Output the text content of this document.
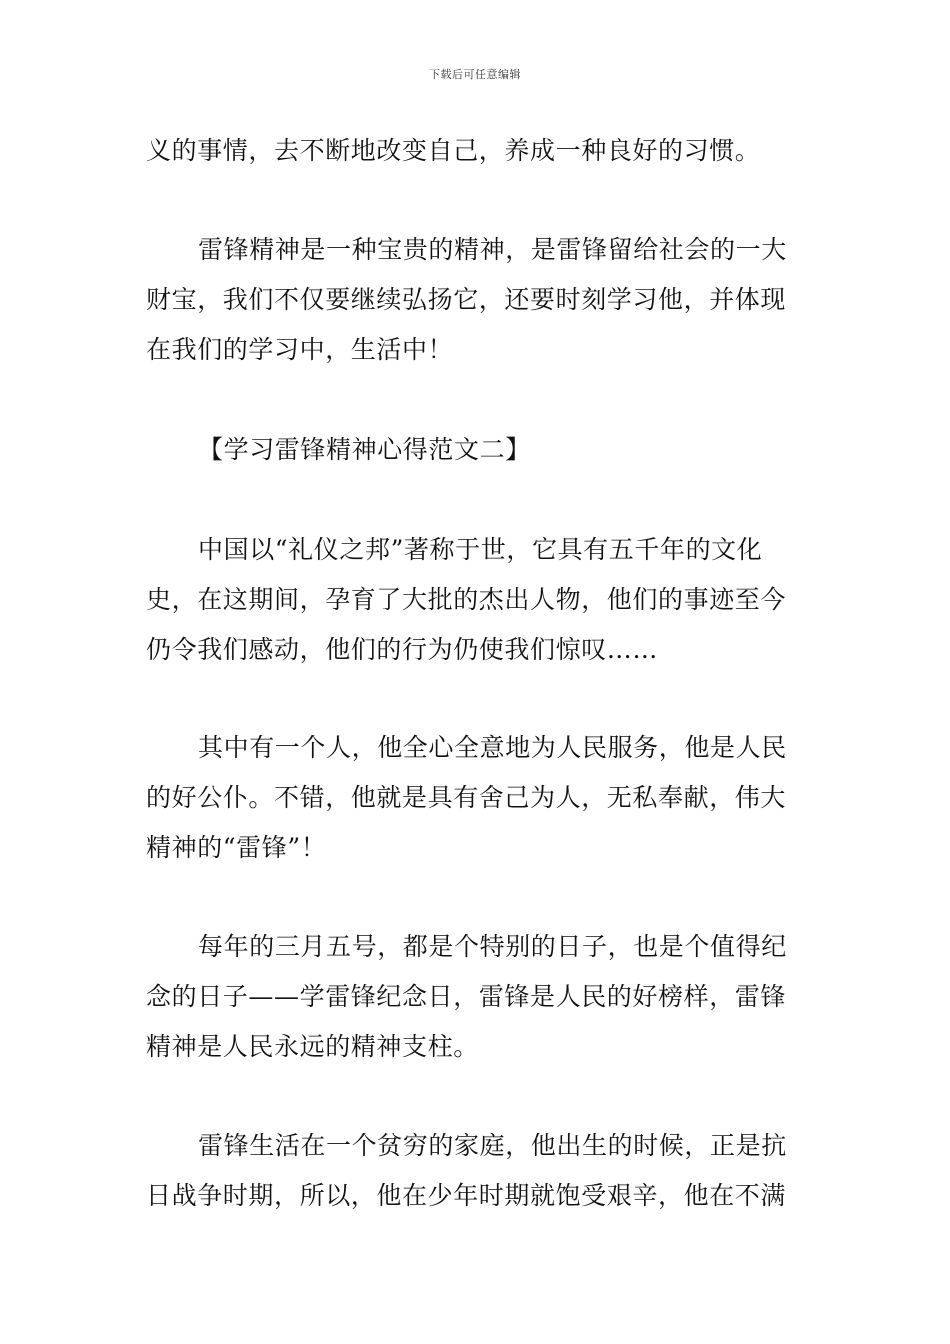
下载后可任意编辑
义的事情，去不断地改变自己，养成一种良好的习惯。
雷锋精神是一种宝贵的精神，是雷锋留给社会的一大
财宝，我们不仅要继续弘扬它，还要时刻学习他，并体现
在我们的学习中，生活中！
【学习雷锋精神心得范文二】
中国以“礼仪之邦”著称于世，它具有五千年的文化
史，在这期间，孕育了大批的杰出人物，他们的事迹至今
仍令我们感动，他们的行为仍使我们惊叹……
其中有一个人，他全心全意地为人民服务，他是人民
的好公仆。不错，他就是具有舍己为人，无私奉献，伟大
精神的“雷锋”！
每年的三月五号，都是个特别的日子，也是个值得纪
念的日子——学雷锋纪念日，雷锋是人民的好榜样，雷锋
精神是人民永远的精神支柱。
雷锋生活在一个贫穷的家庭，他出生的时候，正是抗
日战争时期，所以，他在少年时期就饱受艰辛，他在不满
